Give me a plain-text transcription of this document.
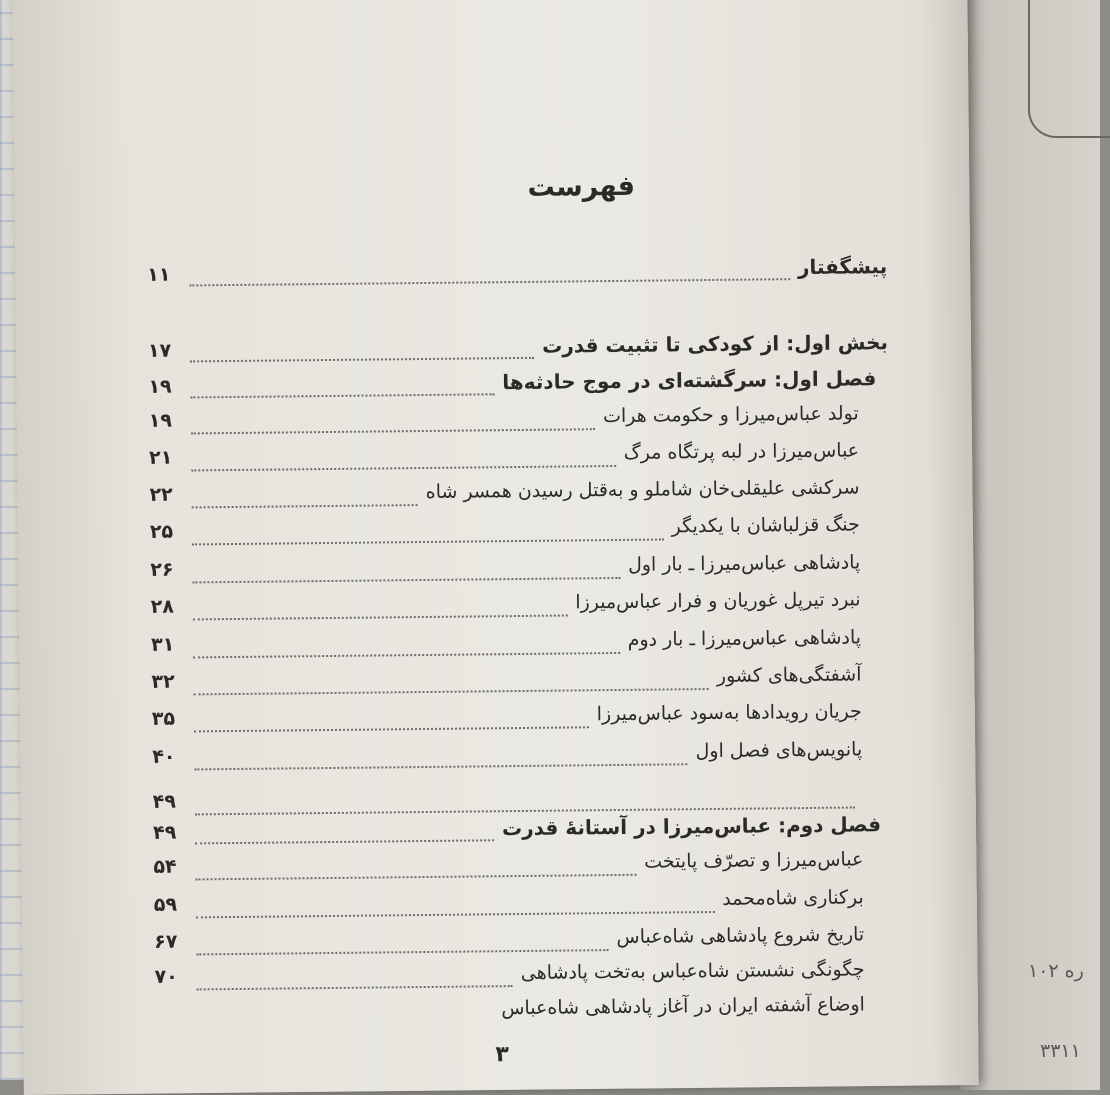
ره ۱۰۲
۳۳۱۱
فهرست
پیشگفتار
۱۱
بخش اول: از کودکی تا تثبیت قدرت
۱۷
فصل اول: سرگشته‌ای در موج حادثه‌ها
۱۹
تولد عباس‌میرزا و حکومت هرات
۱۹
عباس‌میرزا در لبه پرتگاه مرگ
۲۱
سرکشی علیقلی‌خان شاملو و به‌قتل رسیدن همسر شاه
۲۲
جنگ قزلباشان با یکدیگر
۲۵
پادشاهی عباس‌میرزا ـ بار اول
۲۶
نبرد تیرپل غوریان و فرار عباس‌میرزا
۲۸
پادشاهی عباس‌میرزا ـ بار دوم
۳۱
آشفتگی‌های کشور
۳۲
جریان رویدادها به‌سود عباس‌میرزا
۳۵
پانویس‌های فصل اول
۴۰
۴۹
فصل دوم: عباس‌میرزا در آستانهٔ قدرت
۴۹
عباس‌میرزا و تصرّف پایتخت
۵۴
برکناری شاه‌محمد
۵۹
تاریخ شروع پادشاهی شاه‌عباس
۶۷
چگونگی نشستن شاه‌عباس به‌تخت پادشاهی
۷۰
اوضاع آشفته ایران در آغاز پادشاهی شاه‌عباس
۳
